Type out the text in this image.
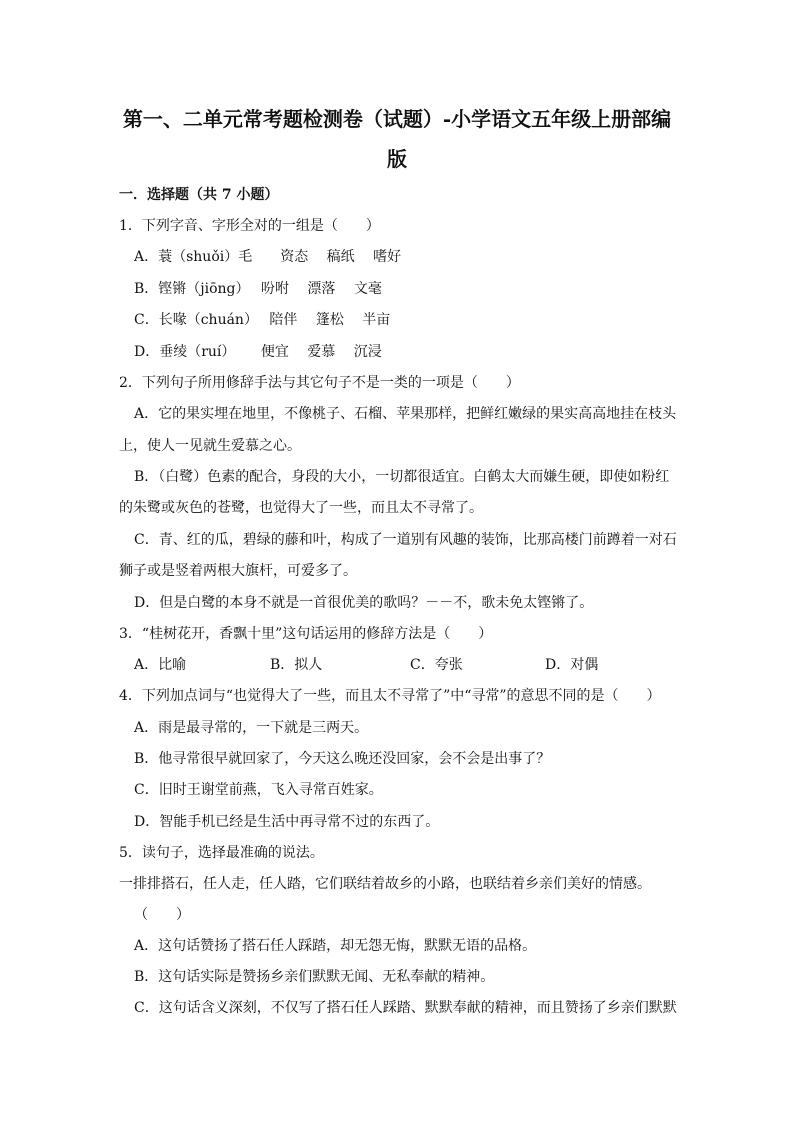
第一、二单元常考题检测卷（试题）-小学语文五年级上册部编
版
一．选择题（共 7 小题）
1．下列字音、字形全对的一组是（　　）
A．蓑（shuǒi）毛　　资态　 稿纸　 嗜好
B．铿锵（jiōng）　 吩咐　 漂落　 文毫
C．长喙（chuán）　 陪伴　 篷松　 半亩
D．垂绫（ruí）　　 便宜　 爱慕　 沉浸
2．下列句子所用修辞手法与其它句子不是一类的一项是（　　）
A．它的果实埋在地里，不像桃子、石榴、苹果那样，把鲜红嫩绿的果实高高地挂在枝头
上，使人一见就生爱慕之心。
B．（白鹭）色素的配合，身段的大小，一切都很适宜。白鹤太大而嫌生硬，即使如粉红
的朱鹭或灰色的苍鹭，也觉得大了一些，而且太不寻常了。
C．青、红的瓜，碧绿的藤和叶，构成了一道别有风趣的装饰，比那高楼门前蹲着一对石
狮子或是竖着两根大旗杆，可爱多了。
D．但是白鹭的本身不就是一首很优美的歌吗？－－不，歌未免太铿锵了。
3．“桂树花开，香飘十里”这句话运用的修辞方法是（　　）
A．比喻	B．拟人	C．夸张	D．对偶
4．下列加点词与“也觉得大了一些，而且太不寻常了”中“寻常”的意思不同的是（　　）
A．雨是最寻常的，一下就是三两天。
B．他寻常很早就回家了，今天这么晚还没回家，会不会是出事了？
C．旧时王谢堂前燕，飞入寻常百姓家。
D．智能手机已经是生活中再寻常不过的东西了。
5．读句子，选择最准确的说法。
一排排搭石，任人走，任人踏，它们联结着故乡的小路，也联结着乡亲们美好的情感。
（　　）
A．这句话赞扬了搭石任人踩踏，却无怨无悔，默默无语的品格。
B．这句话实际是赞扬乡亲们默默无闻、无私奉献的精神。
C．这句话含义深刻，不仅写了搭石任人踩踏、默默奉献的精神，而且赞扬了乡亲们默默
